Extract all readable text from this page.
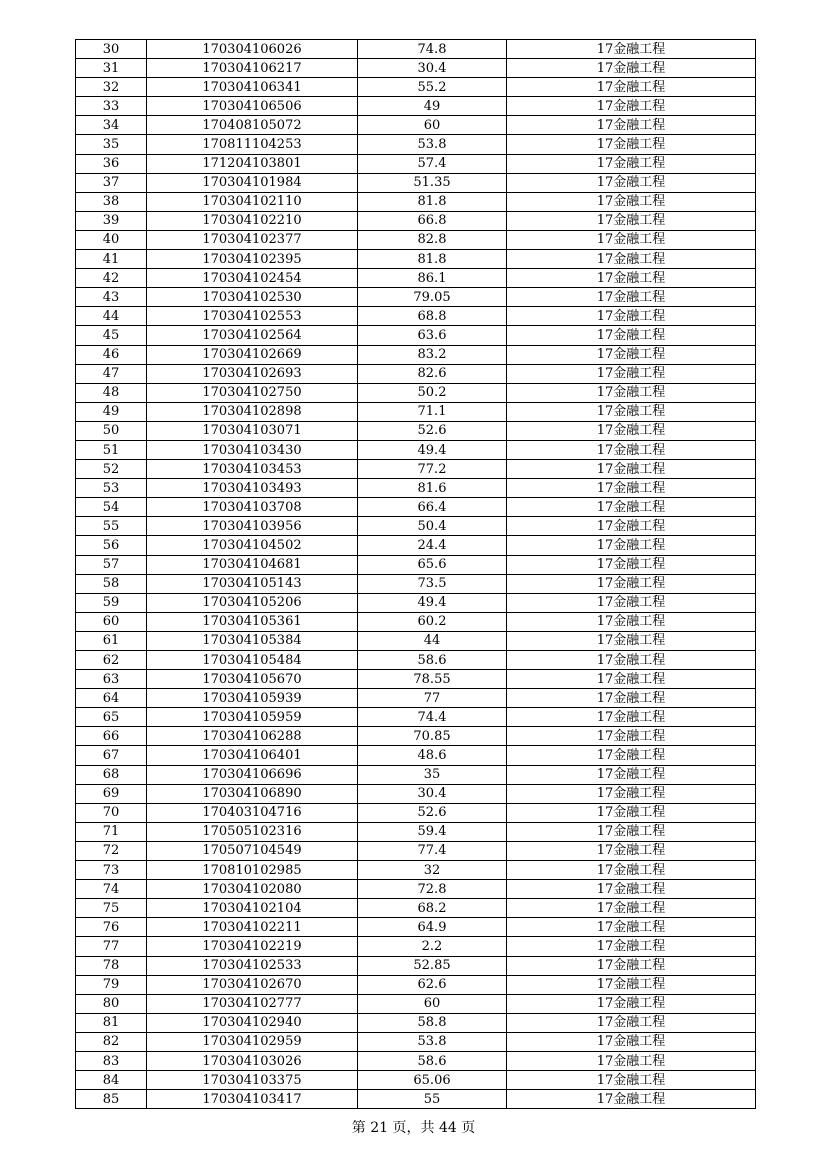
30	170304106026	74.8	17金融工程
31	170304106217	30.4	17金融工程
32	170304106341	55.2	17金融工程
33	170304106506	49	17金融工程
34	170408105072	60	17金融工程
35	170811104253	53.8	17金融工程
36	171204103801	57.4	17金融工程
37	170304101984	51.35	17金融工程
38	170304102110	81.8	17金融工程
39	170304102210	66.8	17金融工程
40	170304102377	82.8	17金融工程
41	170304102395	81.8	17金融工程
42	170304102454	86.1	17金融工程
43	170304102530	79.05	17金融工程
44	170304102553	68.8	17金融工程
45	170304102564	63.6	17金融工程
46	170304102669	83.2	17金融工程
47	170304102693	82.6	17金融工程
48	170304102750	50.2	17金融工程
49	170304102898	71.1	17金融工程
50	170304103071	52.6	17金融工程
51	170304103430	49.4	17金融工程
52	170304103453	77.2	17金融工程
53	170304103493	81.6	17金融工程
54	170304103708	66.4	17金融工程
55	170304103956	50.4	17金融工程
56	170304104502	24.4	17金融工程
57	170304104681	65.6	17金融工程
58	170304105143	73.5	17金融工程
59	170304105206	49.4	17金融工程
60	170304105361	60.2	17金融工程
61	170304105384	44	17金融工程
62	170304105484	58.6	17金融工程
63	170304105670	78.55	17金融工程
64	170304105939	77	17金融工程
65	170304105959	74.4	17金融工程
66	170304106288	70.85	17金融工程
67	170304106401	48.6	17金融工程
68	170304106696	35	17金融工程
69	170304106890	30.4	17金融工程
70	170403104716	52.6	17金融工程
71	170505102316	59.4	17金融工程
72	170507104549	77.4	17金融工程
73	170810102985	32	17金融工程
74	170304102080	72.8	17金融工程
75	170304102104	68.2	17金融工程
76	170304102211	64.9	17金融工程
77	170304102219	2.2	17金融工程
78	170304102533	52.85	17金融工程
79	170304102670	62.6	17金融工程
80	170304102777	60	17金融工程
81	170304102940	58.8	17金融工程
82	170304102959	53.8	17金融工程
83	170304103026	58.6	17金融工程
84	170304103375	65.06	17金融工程
85	170304103417	55	17金融工程
第 21 页，共 44 页
